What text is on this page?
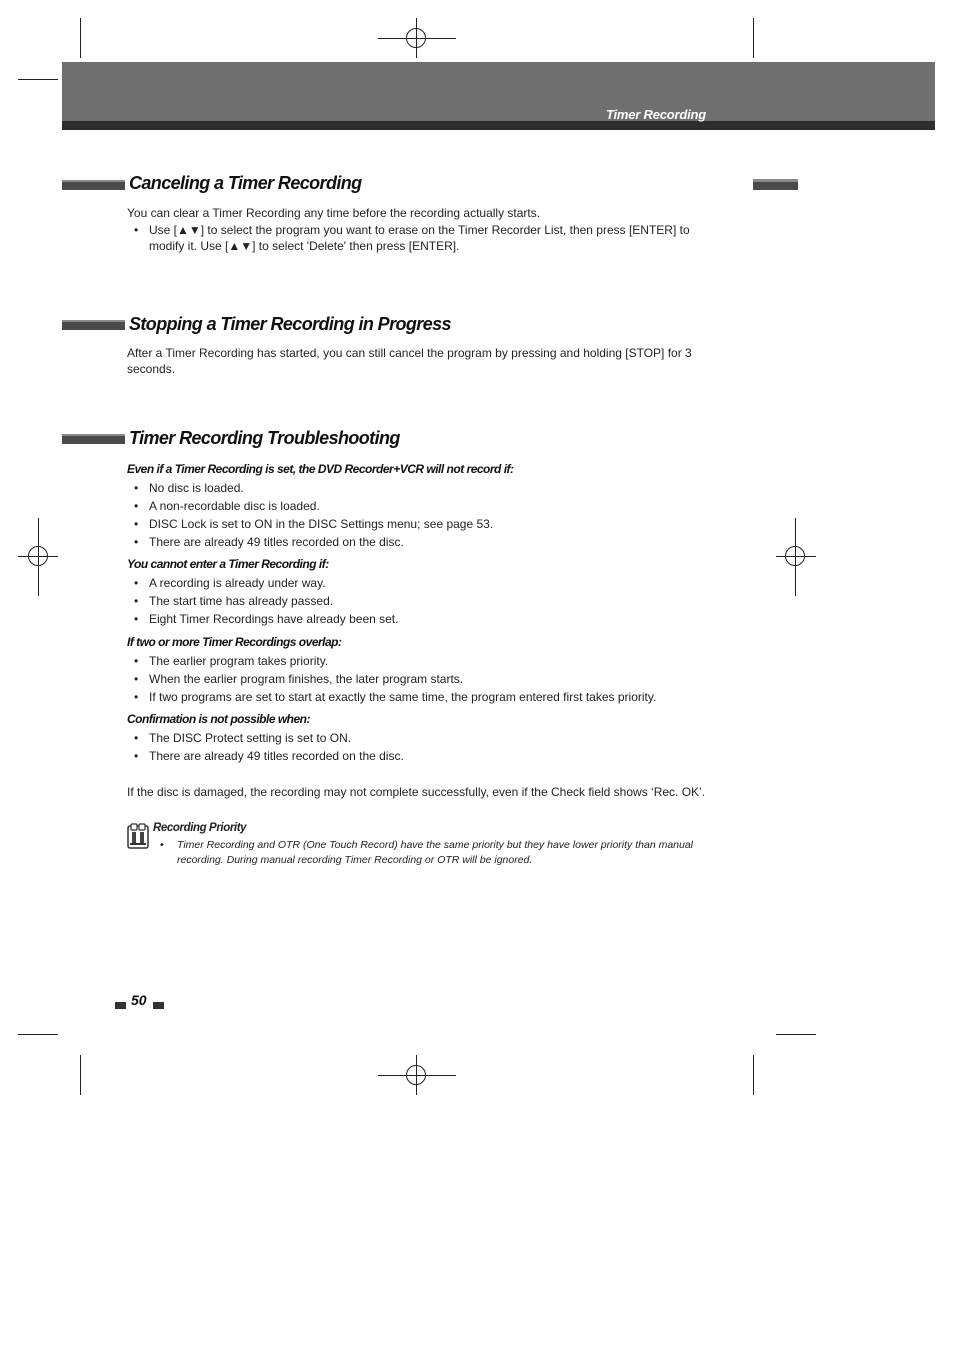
Timer Recording
Canceling a Timer Recording
You can clear a Timer Recording any time before the recording actually starts.
• Use [▲▼] to select the program you want to erase on the Timer Recorder List, then press [ENTER] to modify it. Use [▲▼] to select 'Delete' then press [ENTER].
Stopping a Timer Recording in Progress
After a Timer Recording has started, you can still cancel the program by pressing and holding [STOP] for 3 seconds.
Timer Recording Troubleshooting
Even if a Timer Recording is set, the DVD Recorder+VCR will not record if:
• No disc is loaded.
• A non-recordable disc is loaded.
• DISC Lock is set to ON in the DISC Settings menu; see page 53.
• There are already 49 titles recorded on the disc.
You cannot enter a Timer Recording if:
• A recording is already under way.
• The start time has already passed.
• Eight Timer Recordings have already been set.
If two or more Timer Recordings overlap:
• The earlier program takes priority.
• When the earlier program finishes, the later program starts.
• If two programs are set to start at exactly the same time, the program entered first takes priority.
Confirmation is not possible when:
• The DISC Protect setting is set to ON.
• There are already 49 titles recorded on the disc.
If the disc is damaged, the recording may not complete successfully, even if the Check field shows ‘Rec. OK’.
Recording Priority
• Timer Recording and OTR (One Touch Record) have the same priority but they have lower priority than manual recording. During manual recording Timer Recording or OTR will be ignored.
50
